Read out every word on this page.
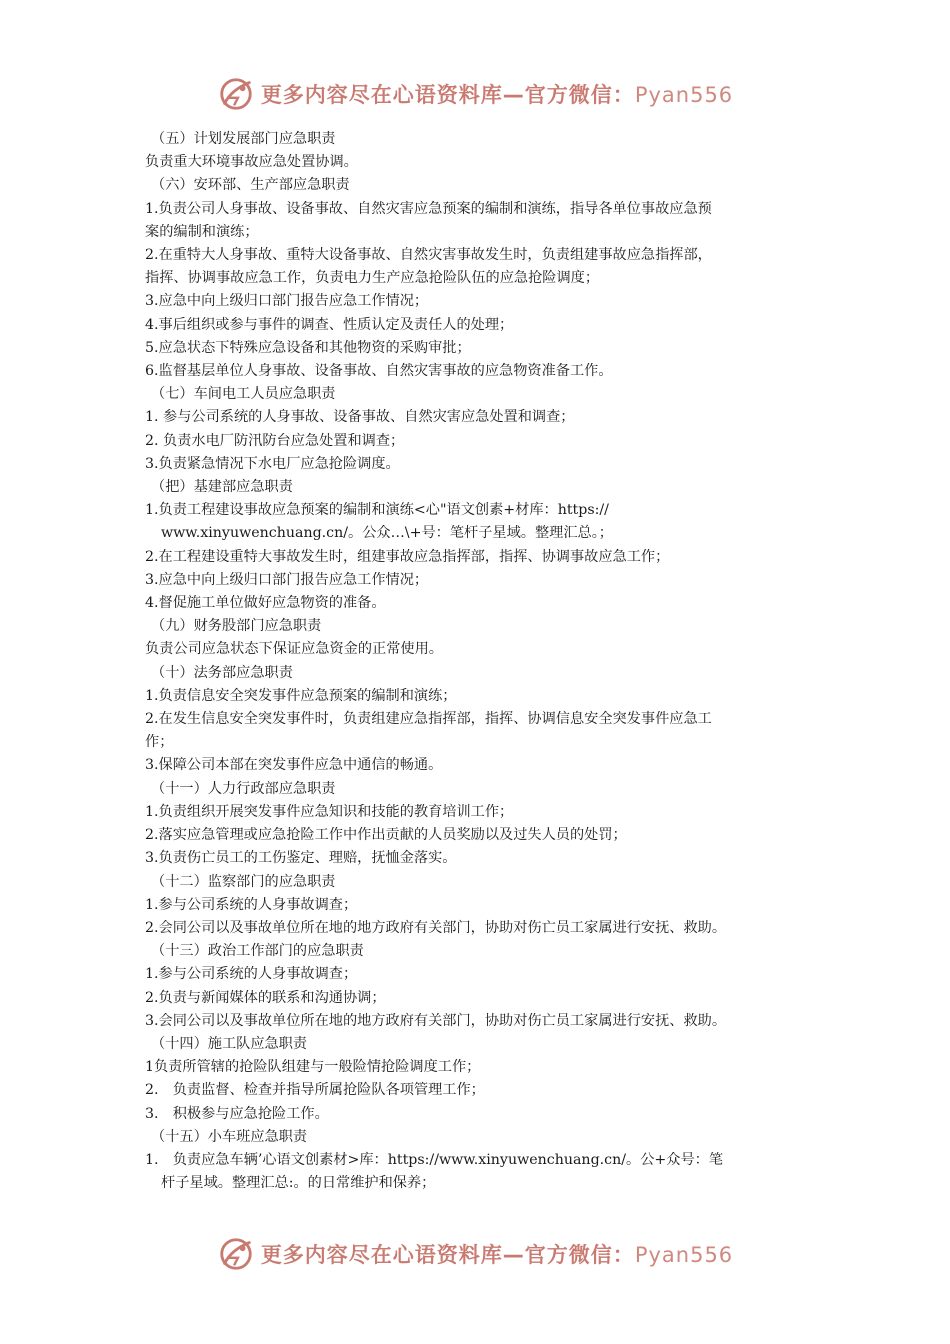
更多内容尽在心语资料库—官方微信：Pyan556
（五）计划发展部门应急职责
负责重大环境事故应急处置协调。
（六）安环部、生产部应急职责
1.负责公司人身事故、设备事故、自然灾害应急预案的编制和演练，指导各单位事故应急预
案的编制和演练；
2.在重特大人身事故、重特大设备事故、自然灾害事故发生时，负责组建事故应急指挥部，
指挥、协调事故应急工作，负责电力生产应急抢险队伍的应急抢险调度；
3.应急中向上级归口部门报告应急工作情况；
4.事后组织或参与事件的调查、性质认定及责任人的处理；
5.应急状态下特殊应急设备和其他物资的采购审批；
6.监督基层单位人身事故、设备事故、自然灾害事故的应急物资准备工作。
（七）车间电工人员应急职责
1. 参与公司系统的人身事故、设备事故、自然灾害应急处置和调查；
2. 负责水电厂防汛防台应急处置和调查；
3.负责紧急情况下水电厂应急抢险调度。
（把）基建部应急职责
1.负责工程建设事故应急预案的编制和演练<心"语文创素+材库：https://
www.xinyuwenchuang.cn/。公众…\+号：笔杆子星域。整理汇总。；
2.在工程建设重特大事故发生时，组建事故应急指挥部，指挥、协调事故应急工作；
3.应急中向上级归口部门报告应急工作情况；
4.督促施工单位做好应急物资的准备。
（九）财务股部门应急职责
负责公司应急状态下保证应急资金的正常使用。
（十）法务部应急职责
1.负责信息安全突发事件应急预案的编制和演练；
2.在发生信息安全突发事件时，负责组建应急指挥部，指挥、协调信息安全突发事件应急工
作；
3.保障公司本部在突发事件应急中通信的畅通。
（十一）人力行政部应急职责
1.负责组织开展突发事件应急知识和技能的教育培训工作；
2.落实应急管理或应急抢险工作中作出贡献的人员奖励以及过失人员的处罚；
3.负责伤亡员工的工伤鉴定、理赔，抚恤金落实。
（十二）监察部门的应急职责
1.参与公司系统的人身事故调查；
2.会同公司以及事故单位所在地的地方政府有关部门，协助对伤亡员工家属进行安抚、救助。
（十三）政治工作部门的应急职责
1.参与公司系统的人身事故调查；
2.负责与新闻媒体的联系和沟通协调；
3.会同公司以及事故单位所在地的地方政府有关部门，协助对伤亡员工家属进行安抚、救助。
（十四）施工队应急职责
1负责所管辖的抢险队组建与一般险情抢险调度工作；
2.　负责监督、检查并指导所属抢险队各项管理工作；
3.　积极参与应急抢险工作。
（十五）小车班应急职责
1.　负责应急车辆’心语文创素材>库：https://www.xinyuwenchuang.cn/。公+众号：笔
杆子星域。整理汇总:。的日常维护和保养；
更多内容尽在心语资料库—官方微信：Pyan556
